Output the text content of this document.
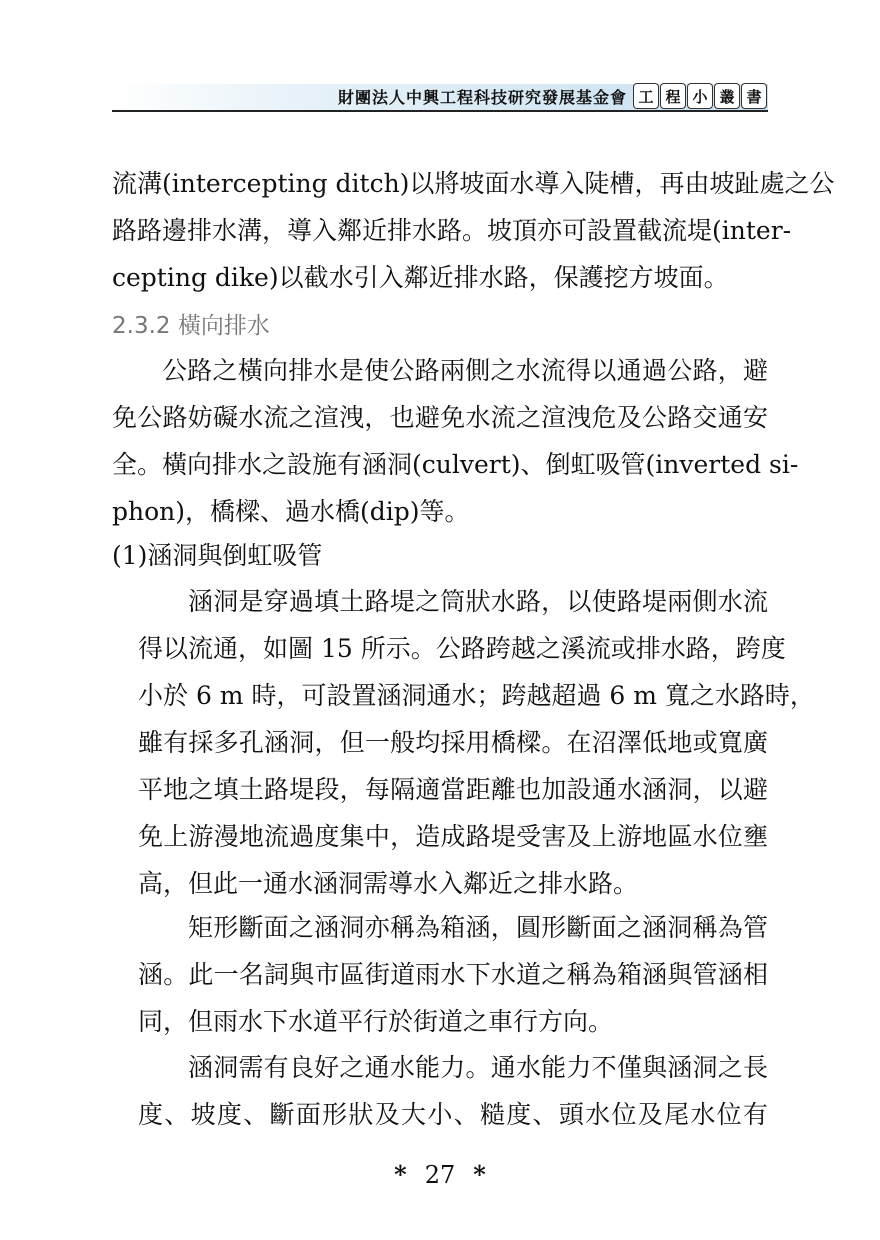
財團法人中興工程科技研究發展基金會 工 程 小 叢 書
流溝(intercepting ditch)以將坡面水導入陡槽，再由坡趾處之公
路路邊排水溝，導入鄰近排水路。坡頂亦可設置截流堤(inter-
cepting dike)以截水引入鄰近排水路，保護挖方坡面。
2.3.2 橫向排水
公路之橫向排水是使公路兩側之水流得以通過公路，避
免公路妨礙水流之渲洩，也避免水流之渲洩危及公路交通安
全。橫向排水之設施有涵洞(culvert)、倒虹吸管(inverted si-
phon)，橋樑、過水橋(dip)等。
(1)涵洞與倒虹吸管
涵洞是穿過填土路堤之筒狀水路，以使路堤兩側水流
得以流通，如圖 15 所示。公路跨越之溪流或排水路，跨度
小於 6 m 時，可設置涵洞通水；跨越超過 6 m 寬之水路時，
雖有採多孔涵洞，但一般均採用橋樑。在沼澤低地或寬廣
平地之填土路堤段，每隔適當距離也加設通水涵洞，以避
免上游漫地流過度集中，造成路堤受害及上游地區水位壅
高，但此一通水涵洞需導水入鄰近之排水路。
矩形斷面之涵洞亦稱為箱涵，圓形斷面之涵洞稱為管
涵。此一名詞與市區街道雨水下水道之稱為箱涵與管涵相
同，但雨水下水道平行於街道之車行方向。
涵洞需有良好之通水能力。通水能力不僅與涵洞之長
度、坡度、斷面形狀及大小、糙度、頭水位及尾水位有
* 27 *
